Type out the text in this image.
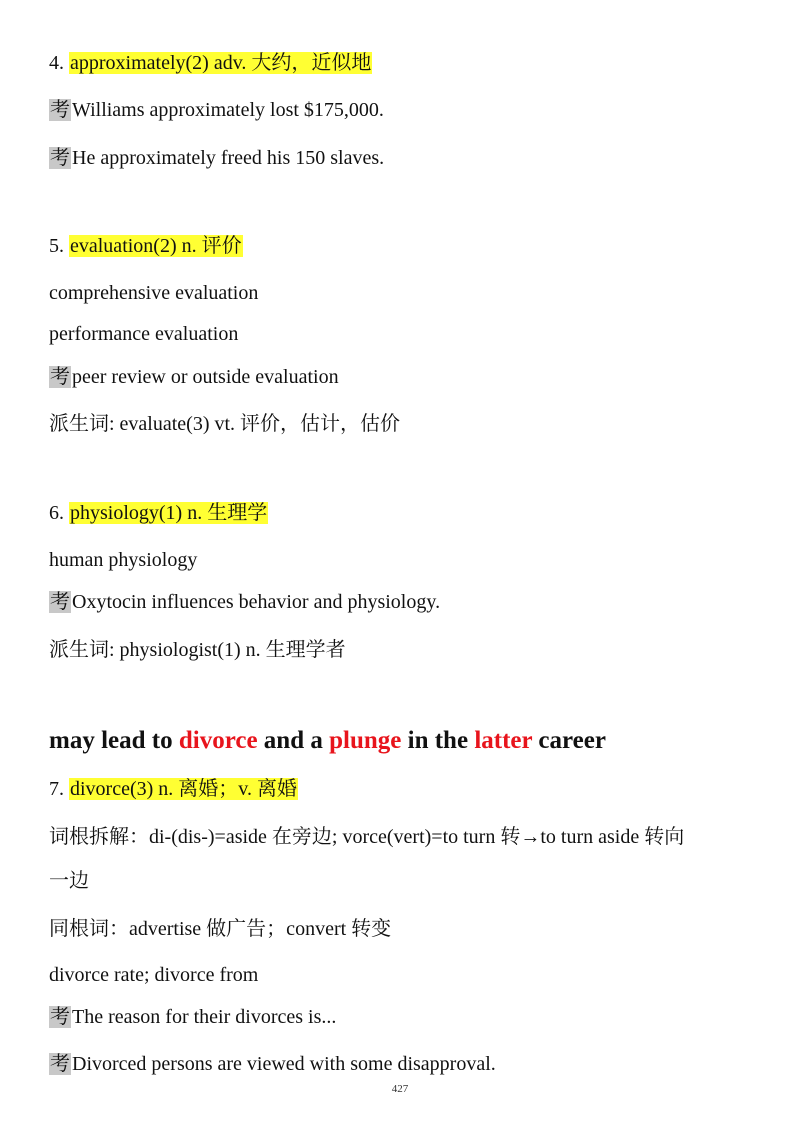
4. approximately(2) adv. 大约，近似地
考 Williams approximately lost $175,000.
考 He approximately freed his 150 slaves.
5. evaluation(2) n. 评价
comprehensive evaluation
performance evaluation
考 peer review or outside evaluation
派生词: evaluate(3) vt. 评价，估计，估价
6. physiology(1) n. 生理学
human physiology
考 Oxytocin influences behavior and physiology.
派生词: physiologist(1) n. 生理学者
may lead to divorce and a plunge in the latter career
7. divorce(3) n. 离婚；v. 离婚
词根拆解：di-(dis-)=aside 在旁边; vorce(vert)=to turn 转→to turn aside 转向
一边
同根词：advertise 做广告；convert 转变
divorce rate; divorce from
考 The reason for their divorces is...
考 Divorced persons are viewed with some disapproval.
427
